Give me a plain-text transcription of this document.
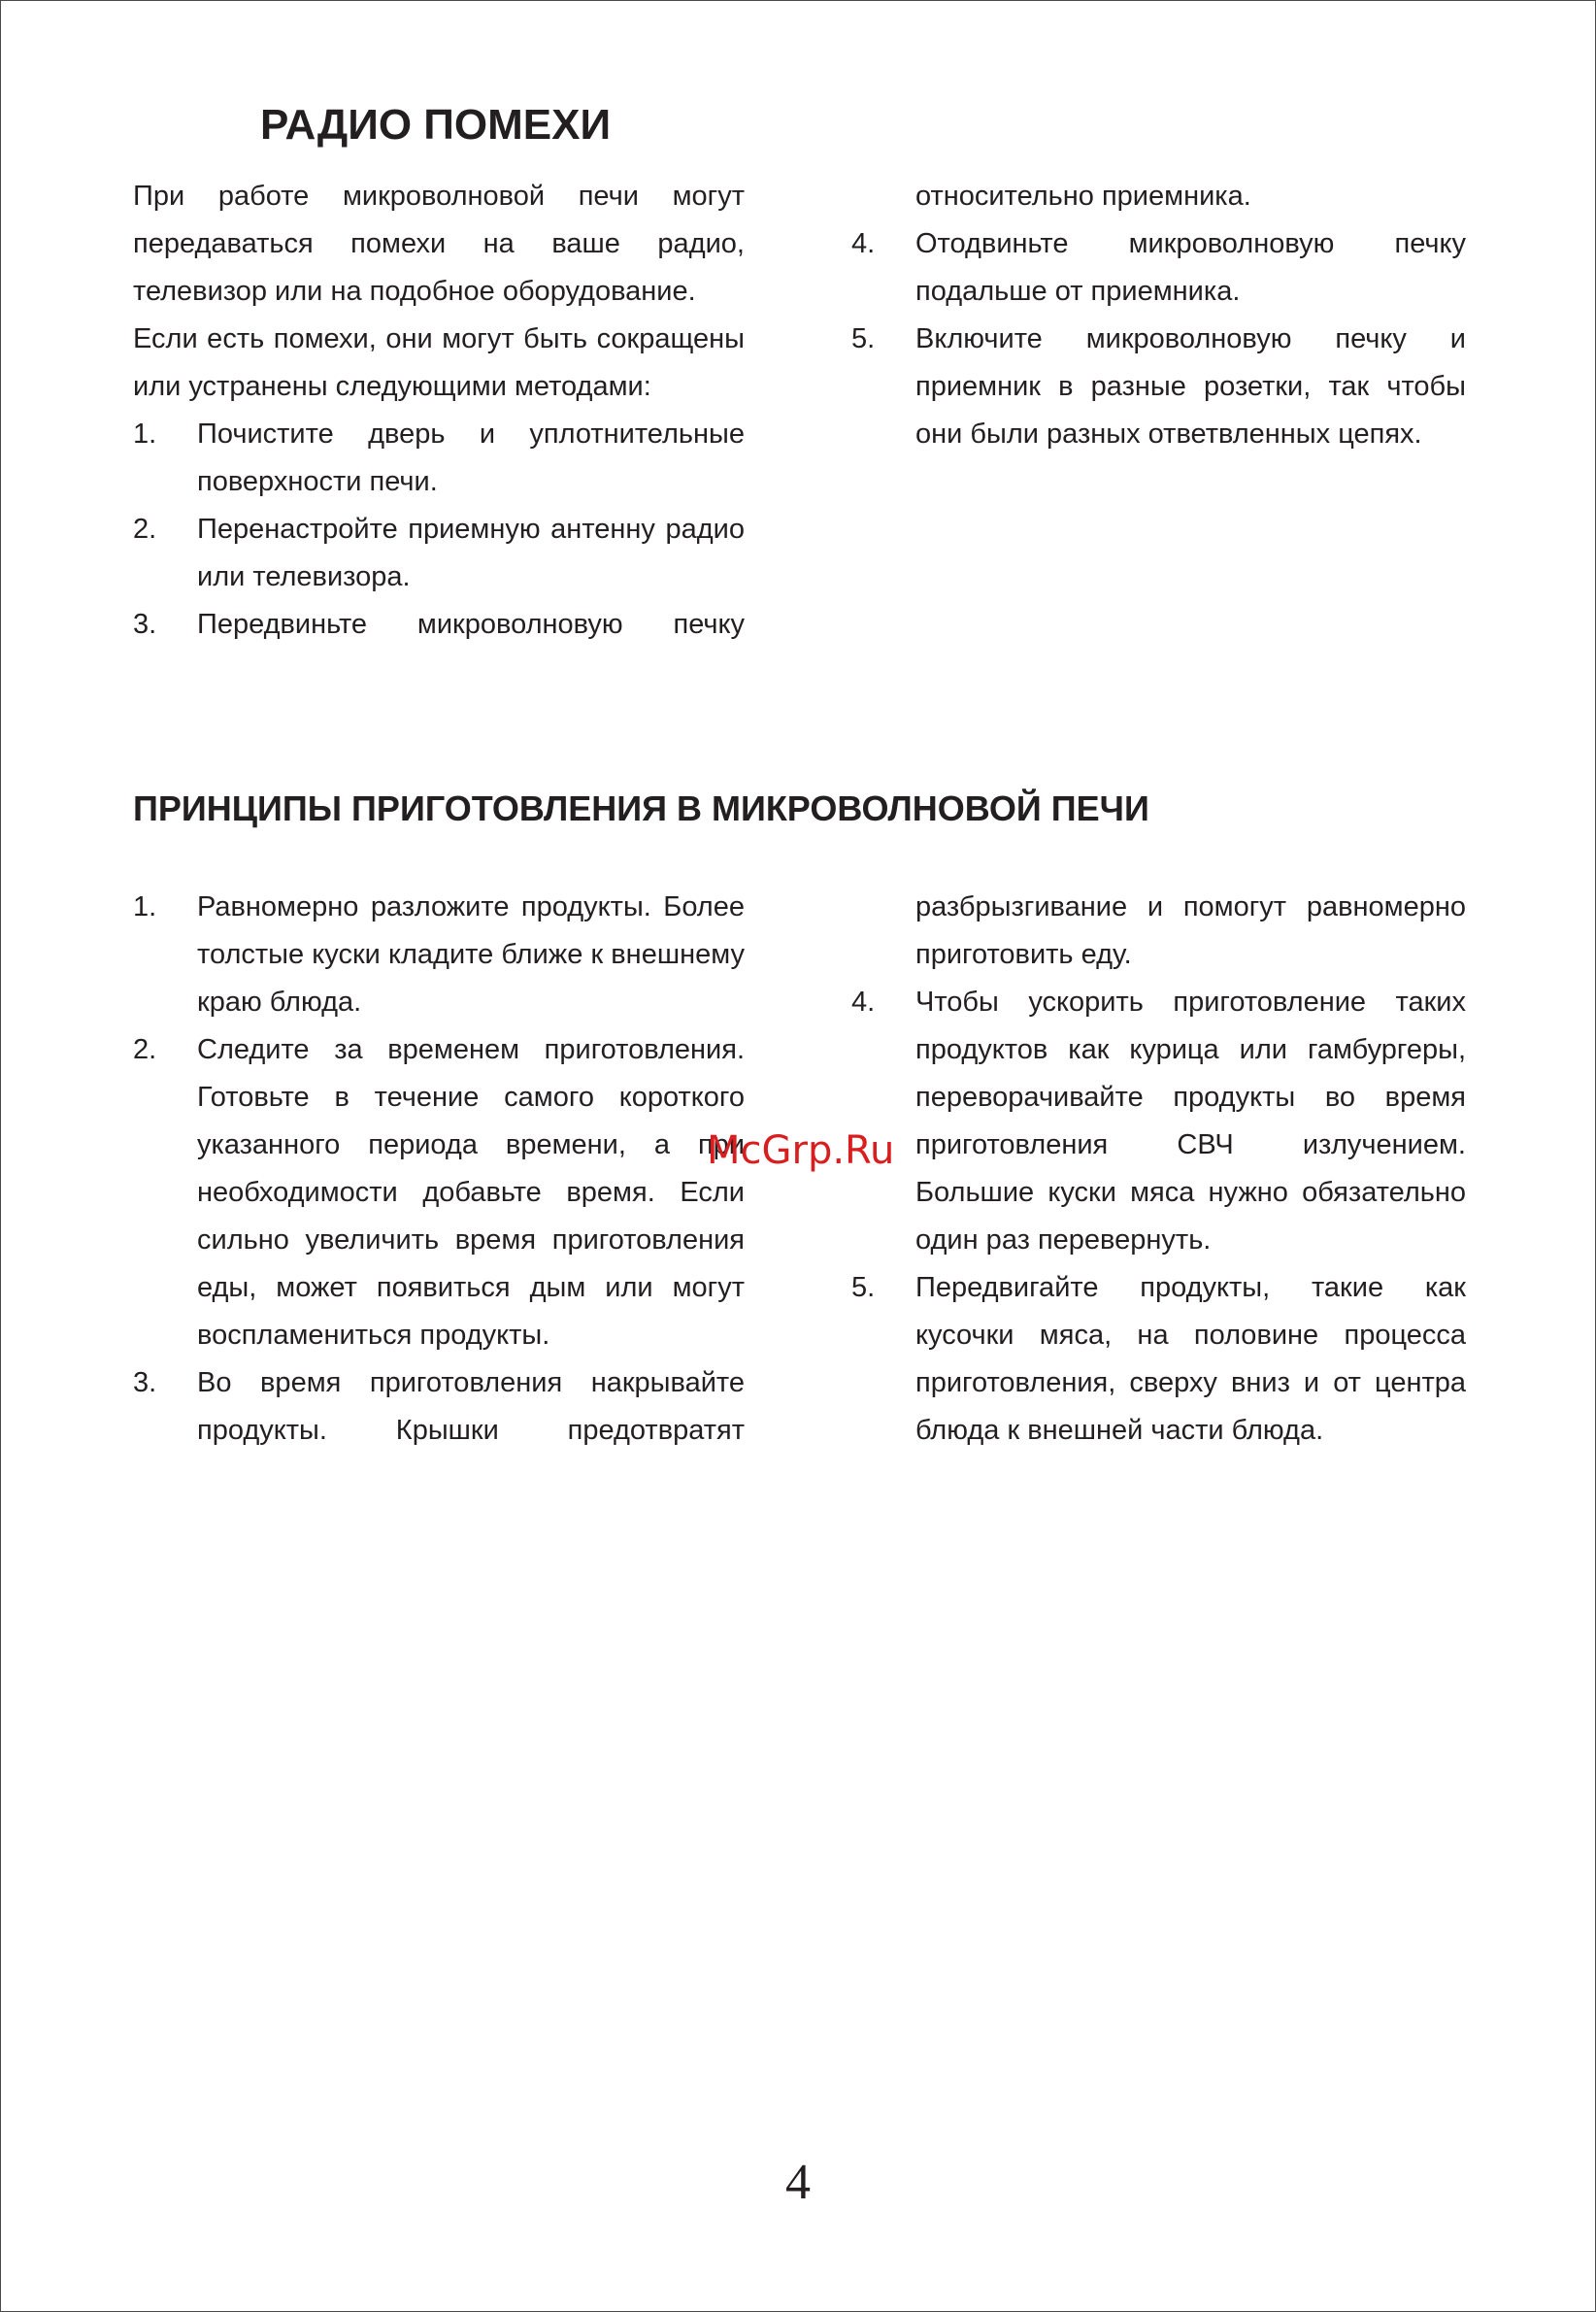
РАДИО ПОМЕХИ

При работе микроволновой печи могут передаваться помехи на ваше радио, телевизор или на подобное оборудование.

Если есть помехи, они могут быть сокращены или устранены следующими методами:

1. Почистите дверь и уплотнительные поверхности печи.
2. Перенастройте приемную антенну радио или телевизора.
3. Передвиньте микроволновую печку
относительно приемника.
4. Отодвиньте микроволновую печку подальше от приемника.
5. Включите микроволновую печку и приемник в разные розетки, так чтобы они были разных ответвленных цепях.
ПРИНЦИПЫ ПРИГОТОВЛЕНИЯ В МИКРОВОЛНОВОЙ ПЕЧИ
1. Равномерно разложите продукты. Более толстые куски кладите ближе к внешнему краю блюда.
2. Следите за временем приготовления. Готовьте в течение самого короткого указанного периода времени, а при необходимости добавьте время. Если сильно увеличить время приготовления еды, может появиться дым или могут воспламениться продукты.
3. Во время приготовления накрывайте продукты. Крышки предотвратят
разбрызгивание и помогут равномерно приготовить еду.
4. Чтобы ускорить приготовление таких продуктов как курица или гамбургеры, переворачивайте продукты во время приготовления СВЧ излучением. Большие куски мяса нужно обязательно один раз перевернуть.
5. Передвигайте продукты, такие как кусочки мяса, на половине процесса приготовления, сверху вниз и от центра блюда к внешней части блюда.
McGrp.Ru
4
